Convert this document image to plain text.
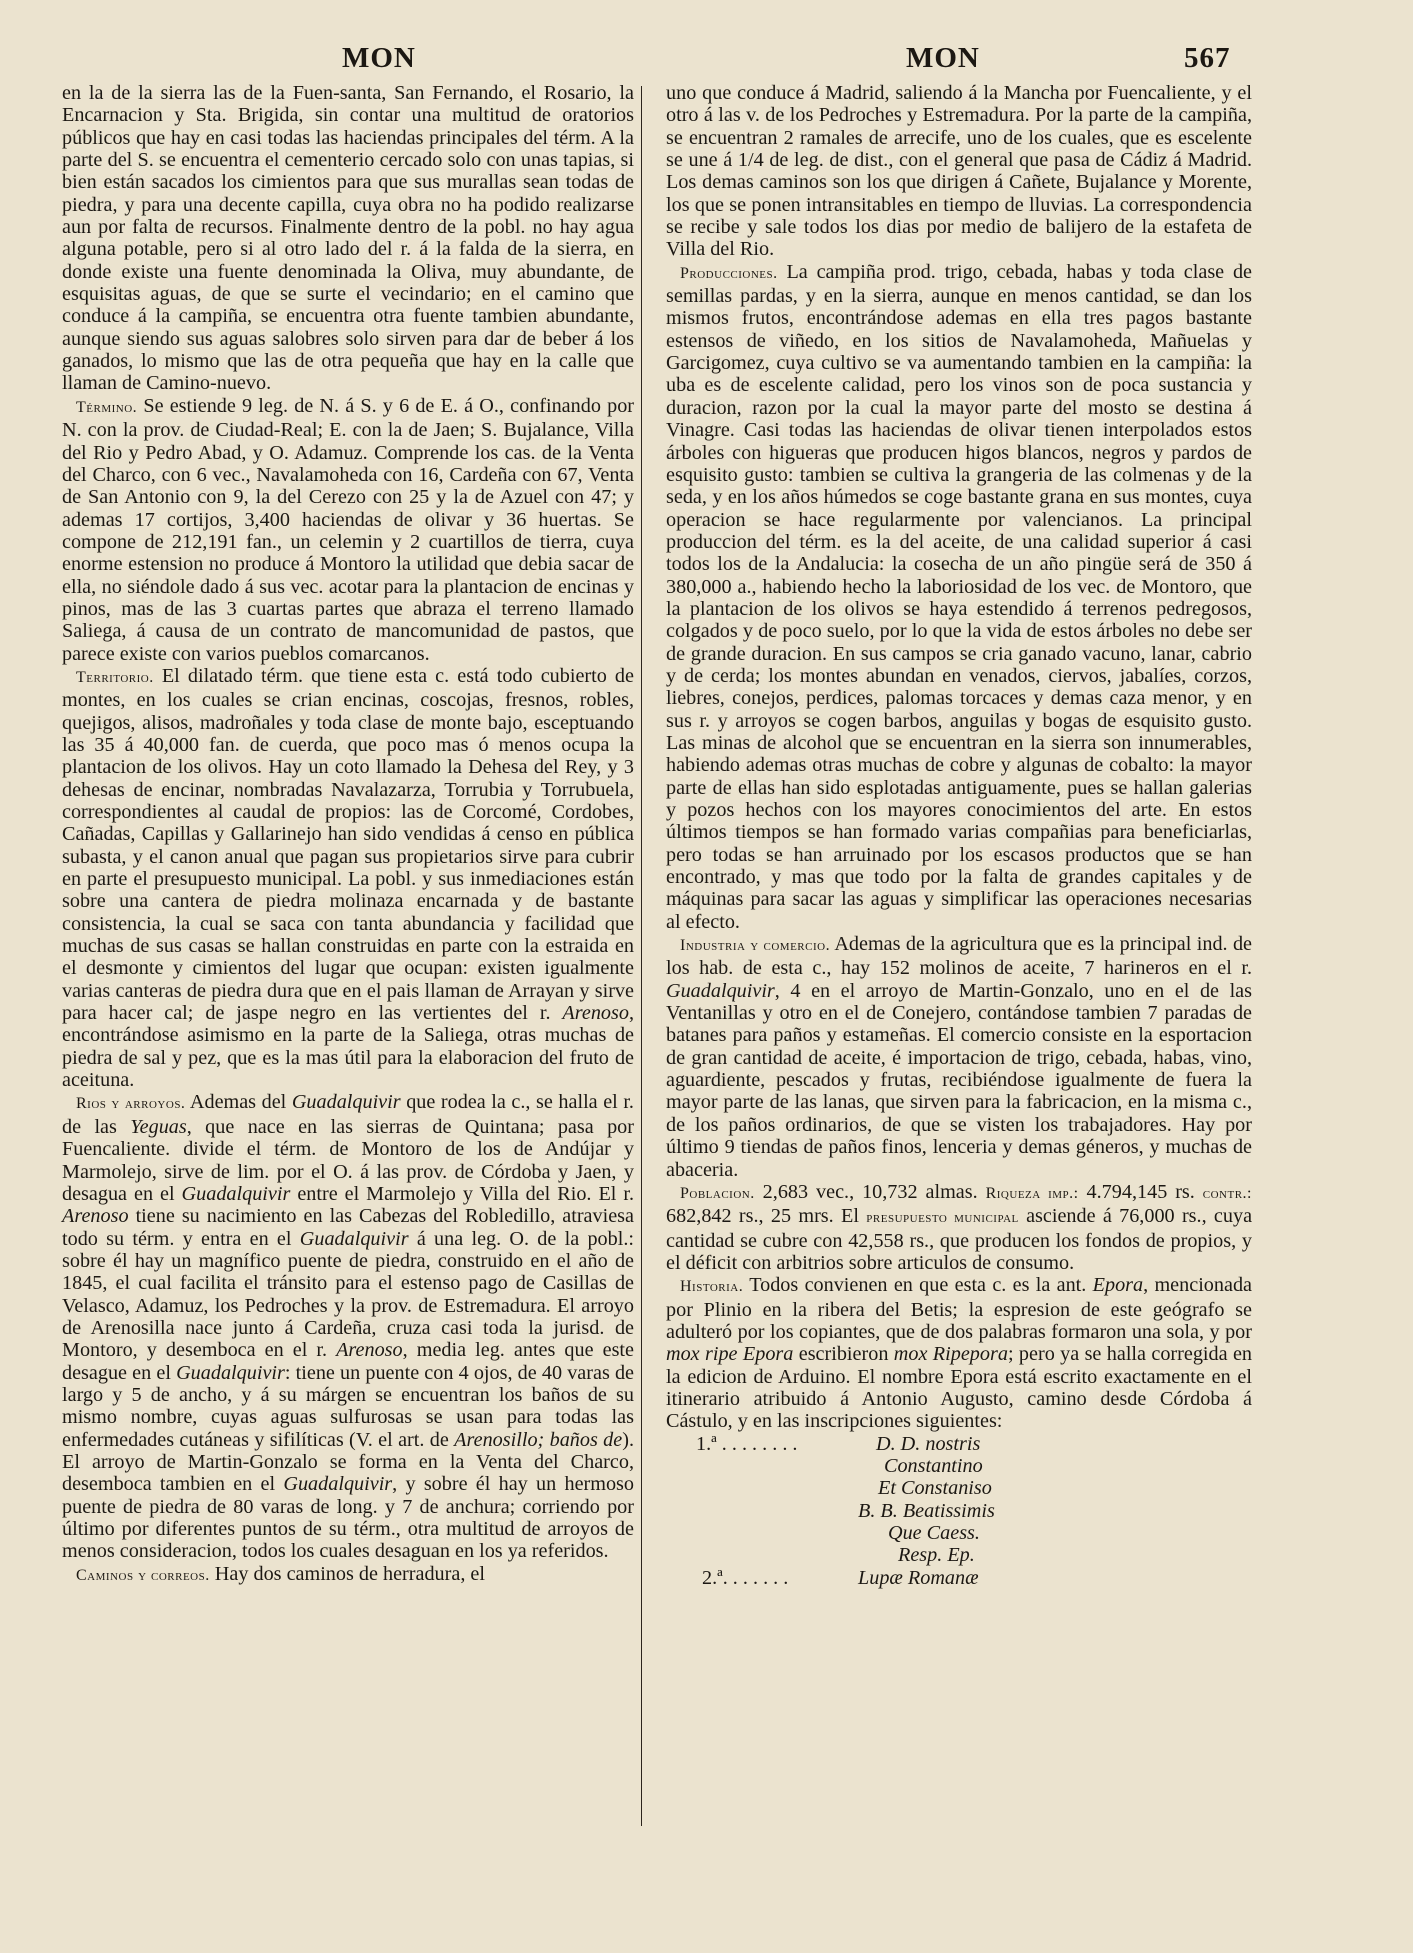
MON	MON	567

en la de la sierra las de la Fuen-santa, San Fernando, el Rosario, la Encarnacion y Sta. Brigida, sin contar una multitud de oratorios públicos que hay en casi todas las haciendas principales del térm. A la parte del S. se encuentra el cementerio cercado solo con unas tapias, si bien están sacados los cimientos para que sus murallas sean todas de piedra, y para una decente capilla, cuya obra no ha podido realizarse aun por falta de recursos. Finalmente dentro de la pobl. no hay agua alguna potable, pero si al otro lado del r. á la falda de la sierra, en donde existe una fuente denominada la Oliva, muy abundante, de esquisitas aguas, de que se surte el vecindario; en el camino que conduce á la campiña, se encuentra otra fuente tambien abundante, aunque siendo sus aguas salobres solo sirven para dar de beber á los ganados, lo mismo que las de otra pequeña que hay en la calle que llaman de Camino-nuevo.

Término. Se estiende 9 leg. de N. á S. y 6 de E. á O., confinando por N. con la prov. de Ciudad-Real; E. con la de Jaen; S. Bujalance, Villa del Rio y Pedro Abad, y O. Adamuz. Comprende los cas. de la Venta del Charco, con 6 vec., Navalamoheda con 16, Cardeña con 67, Venta de San Antonio con 9, la del Cerezo con 25 y la de Azuel con 47; y ademas 17 cortijos, 3,400 haciendas de olivar y 36 huertas. Se compone de 212,191 fan., un celemin y 2 cuartillos de tierra, cuya enorme estension no produce á Montoro la utilidad que debia sacar de ella, no siéndole dado á sus vec. acotar para la plantacion de encinas y pinos, mas de las 3 cuartas partes que abraza el terreno llamado Saliega, á causa de un contrato de mancomunidad de pastos, que parece existe con varios pueblos comarcanos.

Territorio. El dilatado térm. que tiene esta c. está todo cubierto de montes, en los cuales se crian encinas, coscojas, fresnos, robles, quejigos, alisos, madroñales y toda clase de monte bajo, esceptuando las 35 á 40,000 fan. de cuerda, que poco mas ó menos ocupa la plantacion de los olivos. Hay un coto llamado la Dehesa del Rey, y 3 dehesas de encinar, nombradas Navalazarza, Torrubia y Torrubuela, correspondientes al caudal de propios: las de Corcomé, Cordobes, Cañadas, Capillas y Gallarinejo han sido vendidas á censo en pública subasta, y el canon anual que pagan sus propietarios sirve para cubrir en parte el presupuesto municipal. La pobl. y sus inmediaciones están sobre una cantera de piedra molinaza encarnada y de bastante consistencia, la cual se saca con tanta abundancia y facilidad que muchas de sus casas se hallan construidas en parte con la estraida en el desmonte y cimientos del lugar que ocupan: existen igualmente varias canteras de piedra dura que en el pais llaman de Arrayan y sirve para hacer cal; de jaspe negro en las vertientes del r. Arenoso, encontrándose asimismo en la parte de la Saliega, otras muchas de piedra de sal y pez, que es la mas útil para la elaboracion del fruto de aceituna.

Rios y arroyos. Ademas del Guadalquivir que rodea la c., se halla el r. de las Yeguas, que nace en las sierras de Quintana; pasa por Fuencaliente. divide el térm. de Montoro de los de Andújar y Marmolejo, sirve de lim. por el O. á las prov. de Córdoba y Jaen, y desagua en el Guadalquivir entre el Marmolejo y Villa del Rio. El r. Arenoso tiene su nacimiento en las Cabezas del Robledillo, atraviesa todo su térm. y entra en el Guadalquivir á una leg. O. de la pobl.: sobre él hay un magnífico puente de piedra, construido en el año de 1845, el cual facilita el tránsito para el estenso pago de Casillas de Velasco, Adamuz, los Pedroches y la prov. de Estremadura. El arroyo de Arenosilla nace junto á Cardeña, cruza casi toda la jurisd. de Montoro, y desemboca en el r. Arenoso, media leg. antes que este desague en el Guadalquivir: tiene un puente con 4 ojos, de 40 varas de largo y 5 de ancho, y á su márgen se encuentran los baños de su mismo nombre, cuyas aguas sulfurosas se usan para todas las enfermedades cutáneas y sifilíticas (V. el art. de Arenosillo; baños de). El arroyo de Martin-Gonzalo se forma en la Venta del Charco, desemboca tambien en el Guadalquivir, y sobre él hay un hermoso puente de piedra de 80 varas de long. y 7 de anchura; corriendo por último por diferentes puntos de su térm., otra multitud de arroyos de menos consideracion, todos los cuales desaguan en los ya referidos.

Caminos y correos. Hay dos caminos de herradura, el

uno que conduce á Madrid, saliendo á la Mancha por Fuencaliente, y el otro á las v. de los Pedroches y Estremadura. Por la parte de la campiña, se encuentran 2 ramales de arrecife, uno de los cuales, que es escelente se une á 1/4 de leg. de dist., con el general que pasa de Cádiz á Madrid. Los demas caminos son los que dirigen á Cañete, Bujalance y Morente, los que se ponen intransitables en tiempo de lluvias. La correspondencia se recibe y sale todos los dias por medio de balijero de la estafeta de Villa del Rio.

Producciones. La campiña prod. trigo, cebada, habas y toda clase de semillas pardas, y en la sierra, aunque en menos cantidad, se dan los mismos frutos, encontrándose ademas en ella tres pagos bastante estensos de viñedo, en los sitios de Navalamoheda, Mañuelas y Garcigomez, cuya cultivo se va aumentando tambien en la campiña: la uba es de escelente calidad, pero los vinos son de poca sustancia y duracion, razon por la cual la mayor parte del mosto se destina á Vinagre. Casi todas las haciendas de olivar tienen interpolados estos árboles con higueras que producen higos blancos, negros y pardos de esquisito gusto: tambien se cultiva la grangeria de las colmenas y de la seda, y en los años húmedos se coge bastante grana en sus montes, cuya operacion se hace regularmente por valencianos. La principal produccion del térm. es la del aceite, de una calidad superior á casi todos los de la Andalucia: la cosecha de un año pingüe será de 350 á 380,000 a., habiendo hecho la laboriosidad de los vec. de Montoro, que la plantacion de los olivos se haya estendido á terrenos pedregosos, colgados y de poco suelo, por lo que la vida de estos árboles no debe ser de grande duracion. En sus campos se cria ganado vacuno, lanar, cabrio y de cerda; los montes abundan en venados, ciervos, jabalíes, corzos, liebres, conejos, perdices, palomas torcaces y demas caza menor, y en sus r. y arroyos se cogen barbos, anguilas y bogas de esquisito gusto. Las minas de alcohol que se encuentran en la sierra son innumerables, habiendo ademas otras muchas de cobre y algunas de cobalto: la mayor parte de ellas han sido esplotadas antiguamente, pues se hallan galerias y pozos hechos con los mayores conocimientos del arte. En estos últimos tiempos se han formado varias compañias para beneficiarlas, pero todas se han arruinado por los escasos productos que se han encontrado, y mas que todo por la falta de grandes capitales y de máquinas para sacar las aguas y simplificar las operaciones necesarias al efecto.

Industria y comercio. Ademas de la agricultura que es la principal ind. de los hab. de esta c., hay 152 molinos de aceite, 7 harineros en el r. Guadalquivir, 4 en el arroyo de Martin-Gonzalo, uno en el de las Ventanillas y otro en el de Conejero, contándose tambien 7 paradas de batanes para paños y estameñas. El comercio consiste en la esportacion de gran cantidad de aceite, é importacion de trigo, cebada, habas, vino, aguardiente, pescados y frutas, recibiéndose igualmente de fuera la mayor parte de las lanas, que sirven para la fabricacion, en la misma c., de los paños ordinarios, de que se visten los trabajadores. Hay por último 9 tiendas de paños finos, lenceria y demas géneros, y muchas de abaceria.

Poblacion. 2,683 vec., 10,732 almas. Riqueza imp.: 4.794,145 rs. contr.: 682,842 rs., 25 mrs. El presupuesto municipal asciende á 76,000 rs., cuya cantidad se cubre con 42,558 rs., que producen los fondos de propios, y el déficit con arbitrios sobre articulos de consumo.

Historia. Todos convienen en que esta c. es la ant. Epora, mencionada por Plinio en la ribera del Betis; la espresion de este geógrafo se adulteró por los copiantes, que de dos palabras formaron una sola, y por mox ripe Epora escribieron mox Ripepora; pero ya se halla corregida en la edicion de Arduino. El nombre Epora está escrito exactamente en el itinerario atribuido á Antonio Augusto, camino desde Córdoba á Cástulo, y en las inscripciones siguientes:

1.ª . . . . . . . .	D. D. nostris
Constantino
Et Constaniso
B. B. Beatissimis
Que Caess.
Resp. Ep.
2.ª. . . . . . .	Lupæ Romanæ
